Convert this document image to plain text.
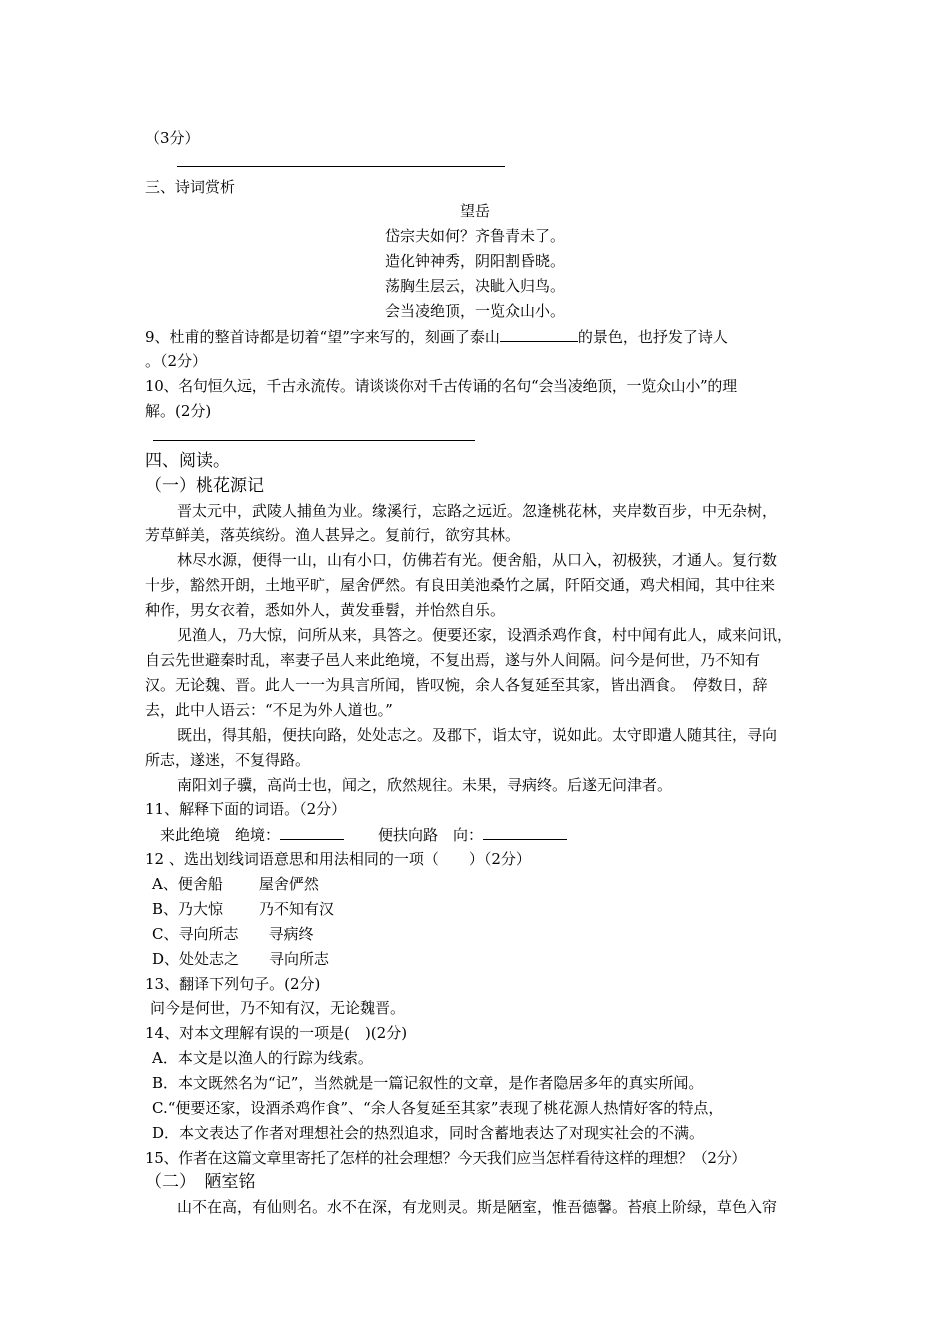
（3分）
三、诗词赏析
望岳
岱宗夫如何？齐鲁青未了。
造化钟神秀，阴阳割昏晓。
荡胸生层云，决眦入归鸟。
会当凌绝顶，一览众山小。
9、杜甫的整首诗都是切着“望”字来写的，刻画了泰山	的景色，也抒发了诗人
。（2分）
10、名句恒久远，千古永流传。请谈谈你对千古传诵的名句“会当凌绝顶，一览众山小”的理
解。(2分)
四、阅读。
（一）桃花源记
晋太元中，武陵人捕鱼为业。缘溪行，忘路之远近。忽逢桃花林，夹岸数百步，中无杂树，
芳草鲜美，落英缤纷。渔人甚异之。复前行，欲穷其林。
林尽水源，便得一山，山有小口，仿佛若有光。便舍船，从口入，初极狭，才通人。复行数
十步，豁然开朗，土地平旷，屋舍俨然。有良田美池桑竹之属，阡陌交通，鸡犬相闻，其中往来
种作，男女衣着，悉如外人，黄发垂髫，并怡然自乐。
见渔人，乃大惊，问所从来，具答之。便要还家，设酒杀鸡作食，村中闻有此人，咸来问讯，
自云先世避秦时乱，率妻子邑人来此绝境，不复出焉，遂与外人间隔。问今是何世，乃不知有
汉。无论魏、晋。此人一一为具言所闻，皆叹惋，余人各复延至其家，皆出酒食。　停数日，辞
去，此中人语云：“不足为外人道也。”
既出，得其船，便扶向路，处处志之。及郡下，诣太守，说如此。太守即遣人随其往，寻向
所志，遂迷，不复得路。
南阳刘子骥，高尚士也，闻之，欣然规往。未果，寻病终。后遂无问津者。
11、解释下面的词语。（2分）
来此绝境　绝境：	便扶向路　向：
12 、选出划线词语意思和用法相同的一项（　　）（2分）
A、便舍船 屋舍俨然
B、乃大惊 乃不知有汉
C、寻向所志 寻病终
D、处处志之 寻向所志
13、翻译下列句子。(2分)
问今是何世，乃不知有汉，无论魏晋。
14、对本文理解有误的一项是(　)(2分)
A．本文是以渔人的行踪为线索。
B．本文既然名为“记”，当然就是一篇记叙性的文章，是作者隐居多年的真实所闻。
C.“便要还家，设酒杀鸡作食”、“余人各复延至其家”表现了桃花源人热情好客的特点，
D．本文表达了作者对理想社会的热烈追求，同时含蓄地表达了对现实社会的不满。
15、作者在这篇文章里寄托了怎样的社会理想？今天我们应当怎样看待这样的理想？（2分）
（二）　陋室铭
山不在高，有仙则名。水不在深，有龙则灵。斯是陋室，惟吾德馨。苔痕上阶绿，草色入帘
